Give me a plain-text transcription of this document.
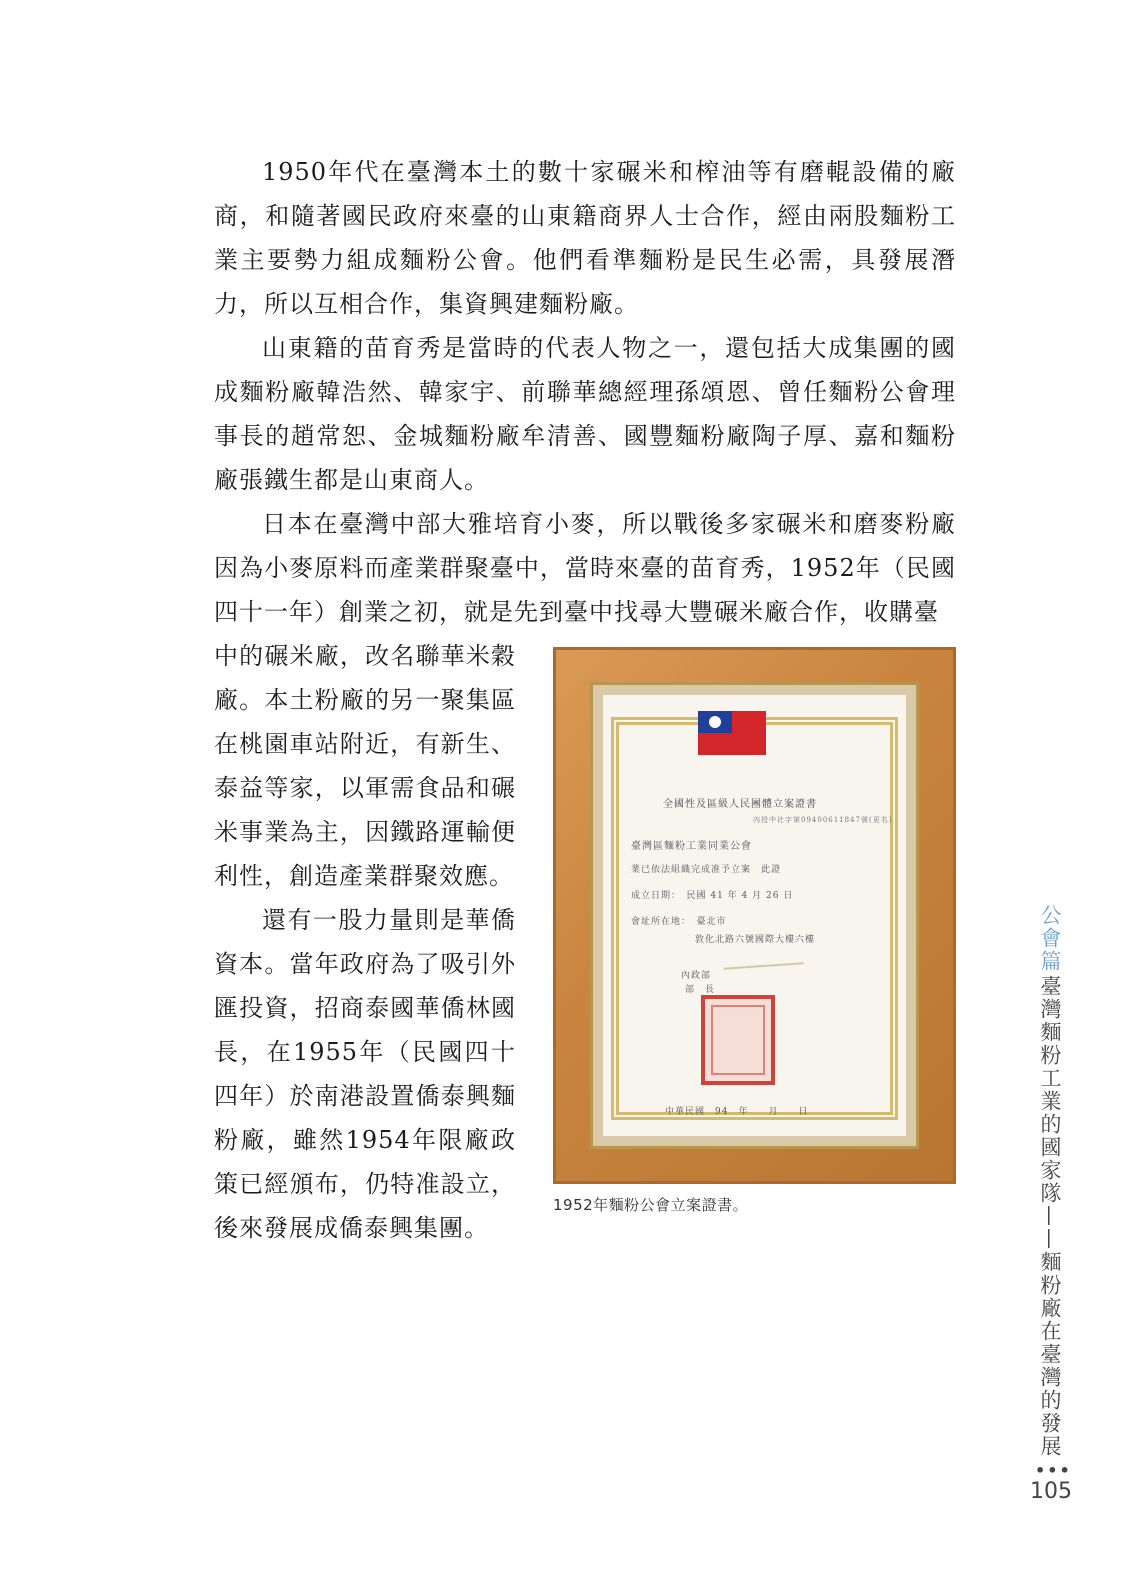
1950年代在臺灣本土的數十家碾米和榨油等有磨輥設備的廠商，和隨著國民政府來臺的山東籍商界人士合作，經由兩股麵粉工業主要勢力組成麵粉公會。他們看準麵粉是民生必需，具發展潛力，所以互相合作，集資興建麵粉廠。

山東籍的苗育秀是當時的代表人物之一，還包括大成集團的國成麵粉廠韓浩然、韓家宇、前聯華總經理孫頌恩、曾任麵粉公會理事長的趙常恕、金城麵粉廠牟清善、國豐麵粉廠陶子厚、嘉和麵粉廠張鐵生都是山東商人。

日本在臺灣中部大雅培育小麥，所以戰後多家碾米和磨麥粉廠因為小麥原料而產業群聚臺中，當時來臺的苗育秀，1952年（民國四十一年）創業之初，就是先到臺中找尋大豐碾米廠合作，收購臺

中的碾米廠，改名聯華米穀廠。本土粉廠的另一聚集區在桃園車站附近，有新生、泰益等家，以軍需食品和碾米事業為主，因鐵路運輸便利性，創造產業群聚效應。

還有一股力量則是華僑資本。當年政府為了吸引外匯投資，招商泰國華僑林國長，在1955年（民國四十四年）於南港設置僑泰興麵粉廠，雖然1954年限廠政策已經頒布，仍特准設立，後來發展成僑泰興集團。

全國性及區級人民團體立案證書
內授中社字第09400611847號(更名)
臺灣區麵粉工業同業公會
業已依法組織完成准予立案　此證
成立日期：　民國 41 年 4 月 26 日
會址所在地：　臺北市
敦化北路六號國際大樓六樓
內政部
部　長
中華民國　94　年　　月　　日
1952年麵粉公會立案證書。
公會篇
臺灣麵粉工業的國家隊——麵粉廠在臺灣的發展
•••
105
